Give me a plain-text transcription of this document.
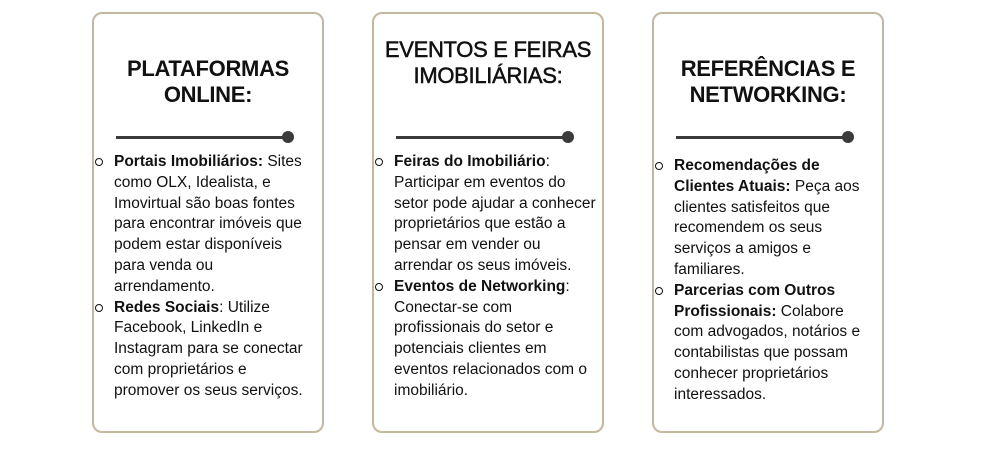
PLATAFORMAS ONLINE:
Portais Imobiliários: Sites como OLX, Idealista, e Imovirtual são boas fontes para encontrar imóveis que podem estar disponíveis para venda ou arrendamento.
Redes Sociais: Utilize Facebook, LinkedIn e Instagram para se conectar com proprietários e promover os seus serviços.
EVENTOS E FEIRAS IMOBILIÁRIAS:
Feiras do Imobiliário: Participar em eventos do setor pode ajudar a conhecer proprietários que estão a pensar em vender ou arrendar os seus imóveis.
Eventos de Networking: Conectar-se com profissionais do setor e potenciais clientes em eventos relacionados com o imobiliário.
REFERÊNCIAS E NETWORKING:
Recomendações de Clientes Atuais: Peça aos clientes satisfeitos que recomendem os seus serviços a amigos e familiares.
Parcerias com Outros Profissionais: Colabore com advogados, notários e contabilistas que possam conhecer proprietários interessados.
